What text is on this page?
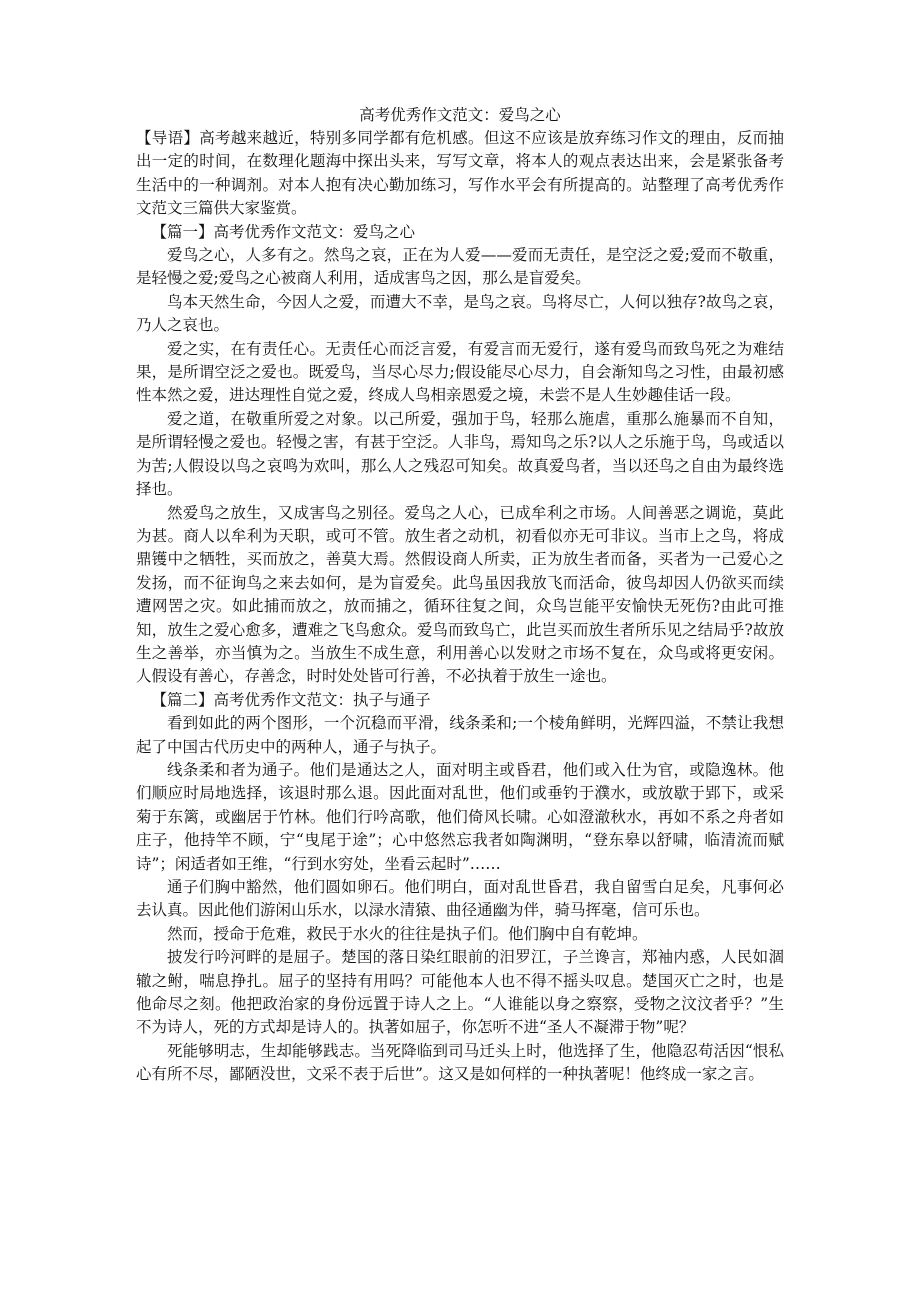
高考优秀作文范文：爱鸟之心

【导语】高考越来越近，特别多同学都有危机感。但这不应该是放弃练习作文的理由，反而抽出一定的时间，在数理化题海中探出头来，写写文章，将本人的观点表达出来，会是紧张备考生活中的一种调剂。对本人抱有决心勤加练习，写作水平会有所提高的。站整理了高考优秀作文范文三篇供大家鉴赏。

【篇一】高考优秀作文范文：爱鸟之心

爱鸟之心，人多有之。然鸟之哀，正在为人爱——爱而无责任，是空泛之爱;爱而不敬重，是轻慢之爱;爱鸟之心被商人利用，适成害鸟之因，那么是盲爱矣。

鸟本天然生命，今因人之爱，而遭大不幸，是鸟之哀。鸟将尽亡，人何以独存?故鸟之哀，乃人之哀也。

爱之实，在有责任心。无责任心而泛言爱，有爱言而无爱行，遂有爱鸟而致鸟死之为难结果，是所谓空泛之爱也。既爱鸟，当尽心尽力;假设能尽心尽力，自会渐知鸟之习性，由最初感性本然之爱，进达理性自觉之爱，终成人鸟相亲恩爱之境，未尝不是人生妙趣佳话一段。

爱之道，在敬重所爱之对象。以己所爱，强加于鸟，轻那么施虐，重那么施暴而不自知，是所谓轻慢之爱也。轻慢之害，有甚于空泛。人非鸟，焉知鸟之乐?以人之乐施于鸟，鸟或适以为苦;人假设以鸟之哀鸣为欢叫，那么人之残忍可知矣。故真爱鸟者，当以还鸟之自由为最终选择也。

然爱鸟之放生，又成害鸟之别径。爱鸟之人心，已成牟利之市场。人间善恶之调诡，莫此为甚。商人以牟利为天职，或可不管。放生者之动机，初看似亦无可非议。当市上之鸟，将成鼎镬中之牺牲，买而放之，善莫大焉。然假设商人所卖，正为放生者而备，买者为一己爱心之发扬，而不征询鸟之来去如何，是为盲爱矣。此鸟虽因我放飞而活命，彼鸟却因人仍欲买而续遭网罟之灾。如此捕而放之，放而捕之，循环往复之间，众鸟岂能平安愉快无死伤?由此可推知，放生之爱心愈多，遭难之飞鸟愈众。爱鸟而致鸟亡，此岂买而放生者所乐见之结局乎?故放生之善举，亦当慎为之。当放生不成生意，利用善心以发财之市场不复在，众鸟或将更安闲。人假设有善心，存善念，时时处处皆可行善，不必执着于放生一途也。

【篇二】高考优秀作文范文：执子与通子

看到如此的两个图形，一个沉稳而平滑，线条柔和;一个棱角鲜明，光辉四溢，不禁让我想起了中国古代历史中的两种人，通子与执子。

线条柔和者为通子。他们是通达之人，面对明主或昏君，他们或入仕为官，或隐逸林。他们顺应时局地选择，该退时那么退。因此面对乱世，他们或垂钓于濮水，或放歇于郢下，或采菊于东篱，或幽居于竹林。他们行吟高歌，他们倚风长啸。心如澄澈秋水，再如不系之舟者如庄子，他持竿不顾，宁“曳尾于途”；心中悠然忘我者如陶渊明，“登东皋以舒啸，临清流而赋诗”；闲适者如王维，“行到水穷处，坐看云起时”……

通子们胸中豁然，他们圆如卵石。他们明白，面对乱世昏君，我自留雪白足矣，凡事何必去认真。因此他们游闲山乐水，以渌水清猿、曲径通幽为伴，骑马挥毫，信可乐也。

然而，授命于危难，救民于水火的往往是执子们。他们胸中自有乾坤。

披发行吟河畔的是屈子。楚国的落日染红眼前的汨罗江，子兰谗言，郑袖内惑，人民如涸辙之鲋，喘息挣扎。屈子的坚持有用吗？可能他本人也不得不摇头叹息。楚国灭亡之时，也是他命尽之刻。他把政治家的身份远置于诗人之上。“人谁能以身之察察，受物之汶汶者乎？”生不为诗人，死的方式却是诗人的。执著如屈子，你怎听不进“圣人不凝滞于物”呢？

死能够明志，生却能够践志。当死降临到司马迁头上时，他选择了生，他隐忍苟活因“恨私心有所不尽，鄙陋没世，文采不表于后世”。这又是如何样的一种执著呢！他终成一家之言。
